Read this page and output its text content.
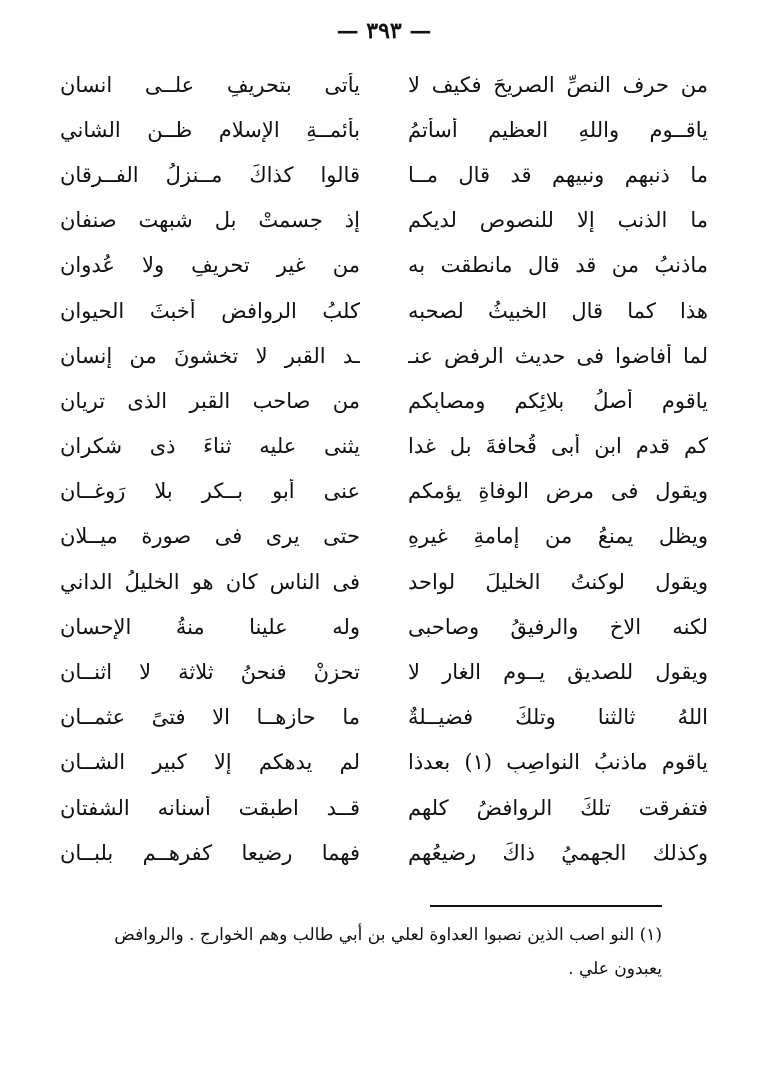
— ٣٩٣ —
من حرف النصِّ الصريحَ فكيف لا
يأتى بتحريفٍ علــى انسان
ياقــوم واللهِ العظيم أسأْتمُ
بأئمــةِ الإسلام ظــن الشاني
ما ذنبهم ونبيهم قد قال مــا
قالوا كذاكَ مــنزلُ الفــرقان
ما الذنب إلا للنصوص لديكم
إذ جسمتْ بل شبهت صنفان
ماذنبُ من قد قال مانطقت به
من غير تحريفٍ ولا عُدوان
هذا كما قال الخبيثُ لصحبه
كلبُ الروافضِ أخبثَ الحيوان
لما أفاضوا فى حديث الرفضِ عنـ
ـد القبر لا تخشونَ من إنسان
ياقوم أصلُ بلائِكم ومصابِكم
من صاحب القبرِ الذى تريان
كم قدم ابن أبى قُحافةَ بل غدا
يثنى عليه ثناءَ ذى شكران
ويقول فى مرضِ الوفاةِ يؤمكم
عنى أبو بــكرٍ بلا رَوغــان
ويظل يمنعُ من إمامةِ غيرهِ
حتى يرى فى صورة ميــلان
ويقول لوكنتُ الخليلَ لواحد
فى الناس كان هو الخليلُ الداني
لكنه الاخ والرفيقُ وصاحبى
وله علينا منةُ الإحسان
ويقول للصديقِ يــوم الغارِ لا
تحزنْ فنحنُ ثلاثة لا اثنــان
اللهُ ثالثنا وتلكَ فضيــلةٌ
ما حازهــا الا فتىً عثمــان
ياقوم ماذنبُ النواصِبِ (١) بعدذا
لم يدهكم إلا كبير الشــان
فتفرقت تلكَ الروافضُ كلهم
قــد اطبقت أسنانه الشفتان
وكذلك الجهميُ ذاكَ رضيعُهم
فهما رضيعا كفرهــم بلبــان
(١) النو اصب الذين نصبوا العداوة لعلي بن أبي طالب وهم الخوارج . والروافض
يعبدون علي .
